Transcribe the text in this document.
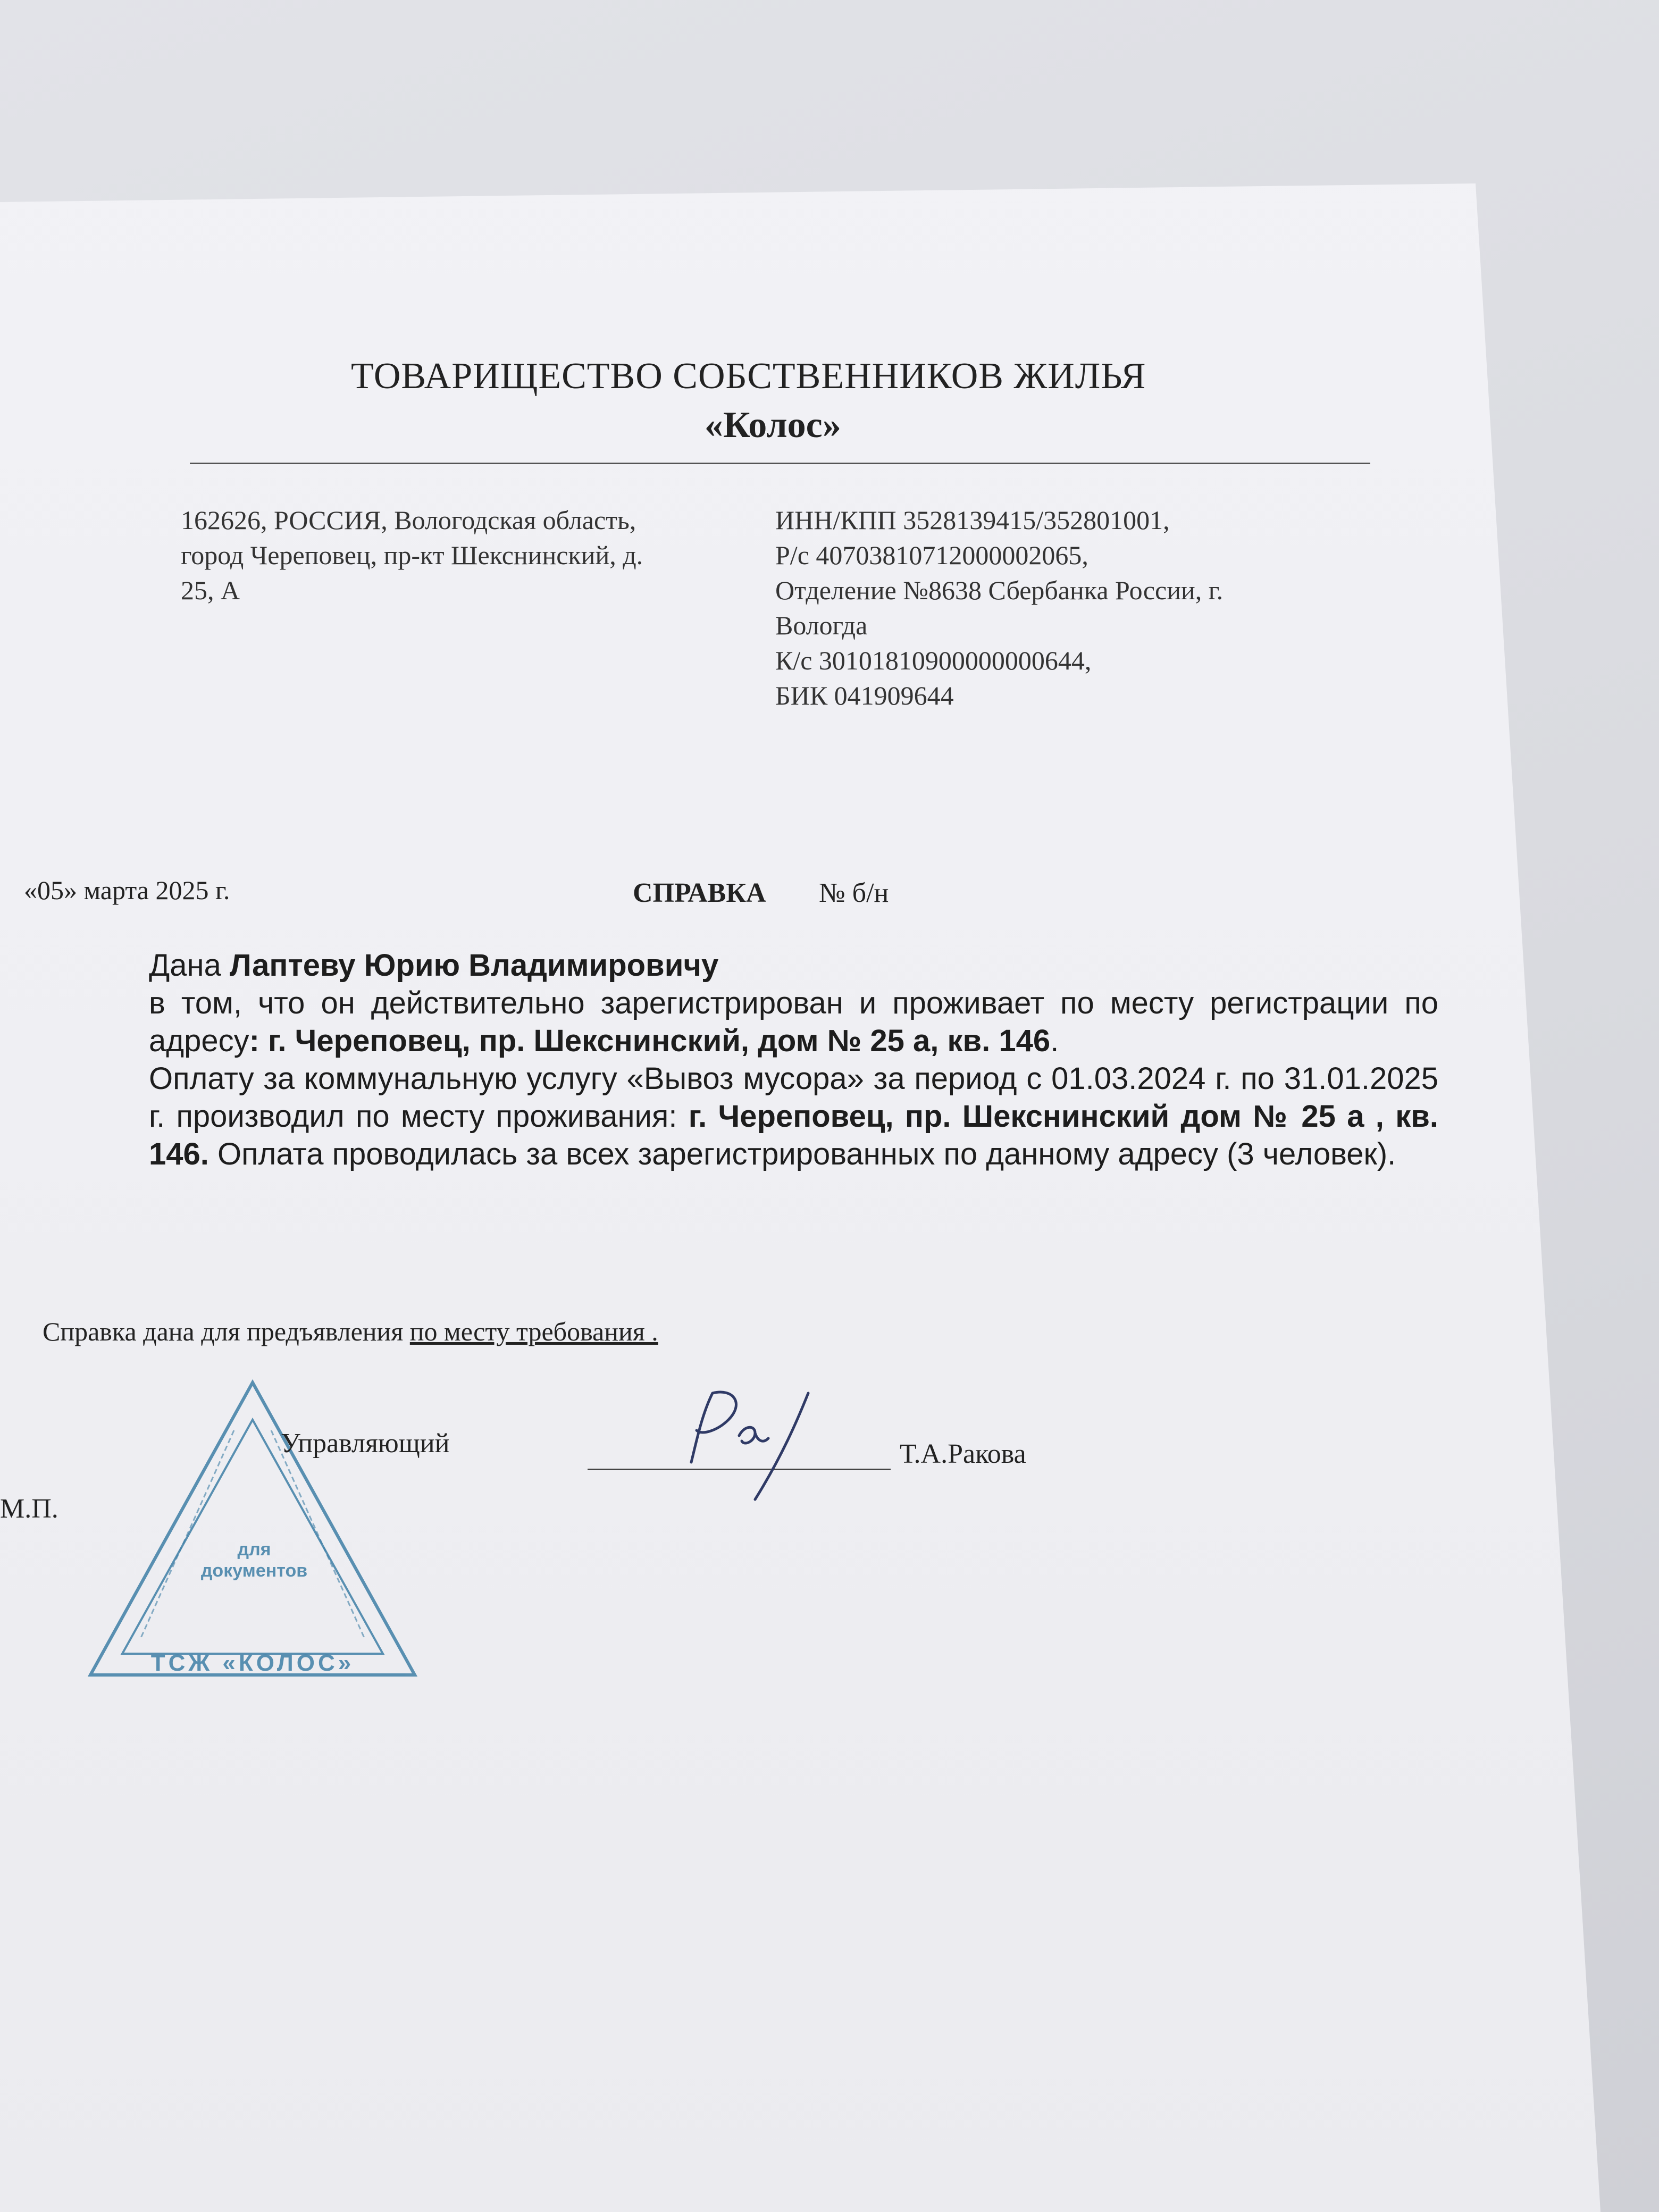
ТОВАРИЩЕСТВО СОБСТВЕННИКОВ ЖИЛЬЯ
«Колос»
162626, РОССИЯ, Вологодская область,
город Череповец, пр-кт Шекснинский, д.
25, А
ИНН/КПП 3528139415/352801001,
Р/с 40703810712000002065,
Отделение №8638 Сбербанка России, г.
Вологда
К/с 30101810900000000644,
БИК 041909644
«05» марта 2025 г.	СПРАВКА № б/н

Дана Лаптеву Юрию Владимировичу

в том, что он действительно зарегистрирован и проживает по месту регистрации по адресу: г. Череповец, пр. Шекснинский, дом № 25 а, кв. 146.

Оплату за коммунальную услугу «Вывоз мусора» за период с 01.03.2024 г. по 31.01.2025 г. производил по месту проживания: г. Череповец, пр. Шекснинский дом № 25 а , кв. 146. Оплата проводилась за всех зарегистрированных по данному адресу (3 человек).

Справка дана для предъявления по месту требования .
для
документов
ТСЖ «КОЛОС»
Управляющий	Т.А.Ракова
М.П.
